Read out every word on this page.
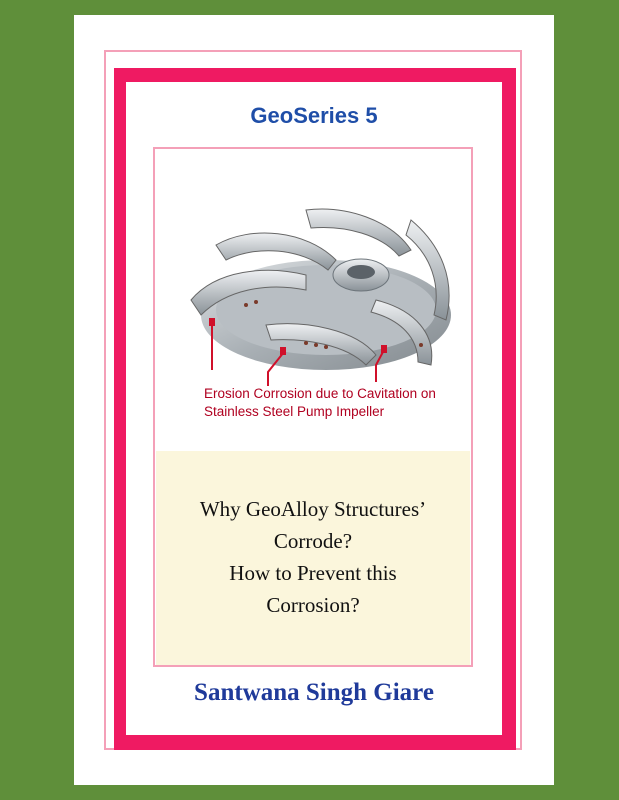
GeoSeries 5
Erosion Corrosion due to Cavitation on
Stainless Steel Pump Impeller
Why GeoAlloy Structures’
Corrode?
How to Prevent this
Corrosion?
Santwana Singh Giare
